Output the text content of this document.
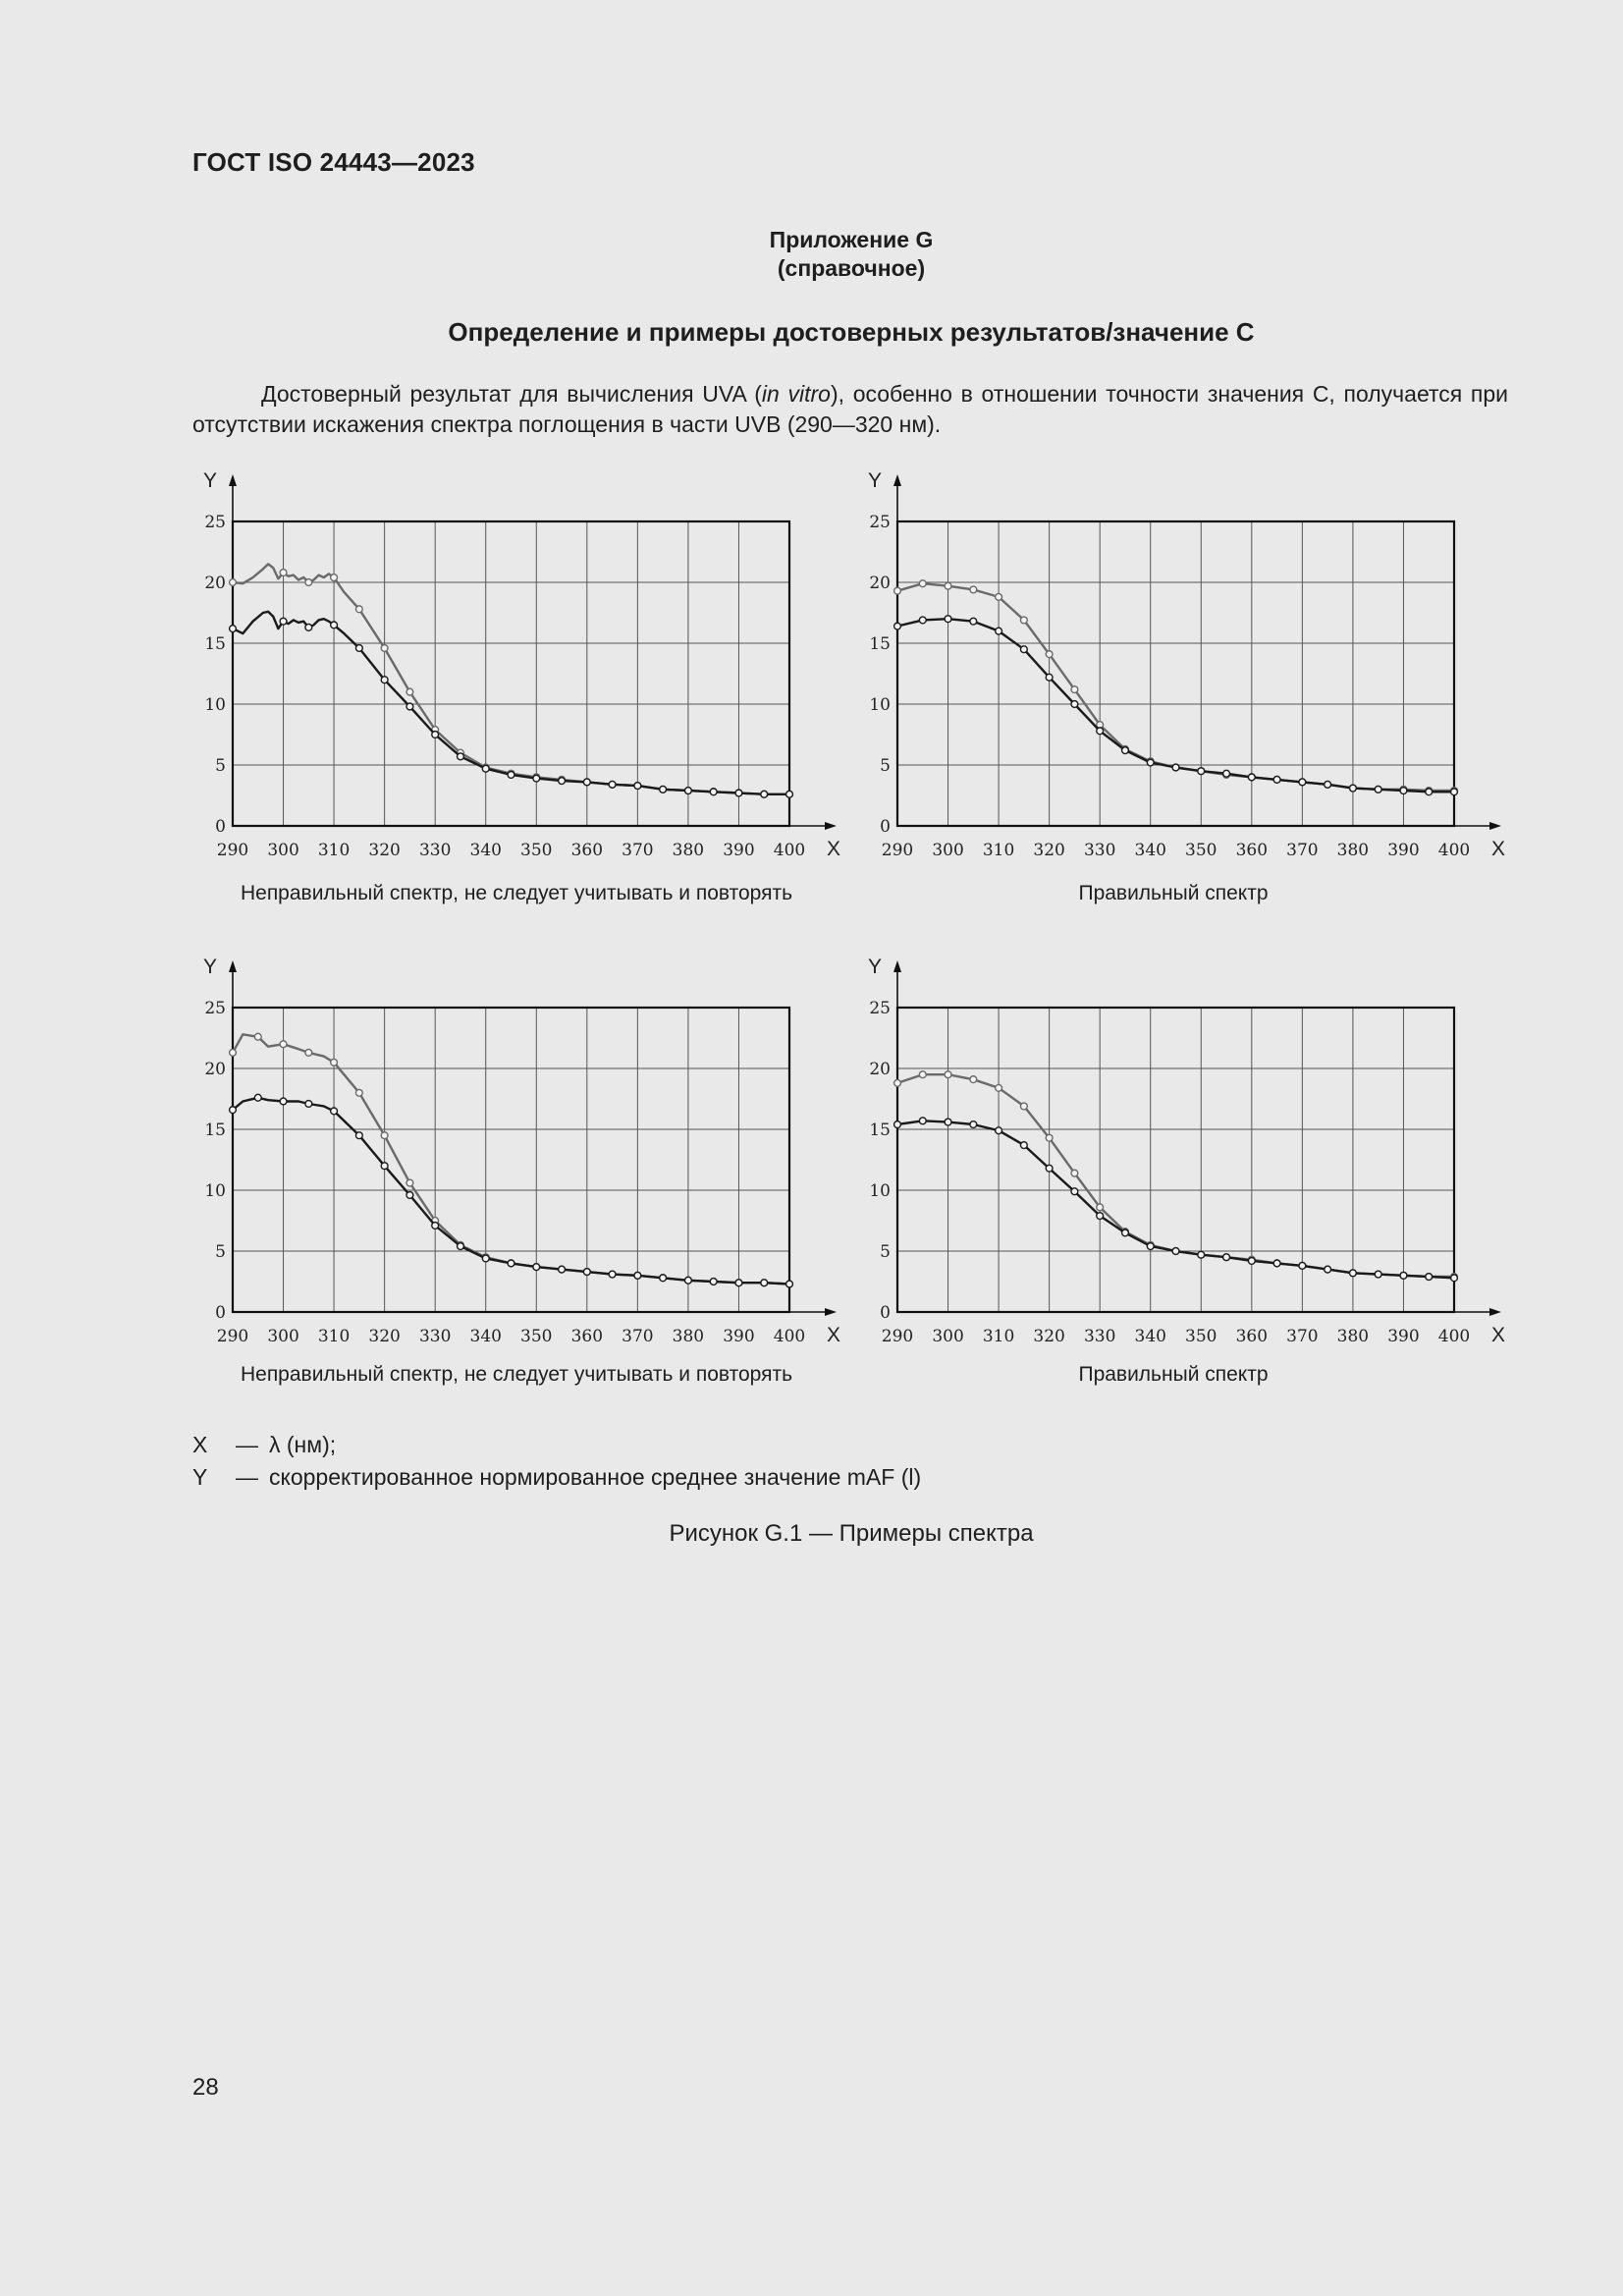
ГОСТ ISO 24443—2023
Приложение G
(справочное)
Определение и примеры достоверных результатов/значение С
Достоверный результат для вычисления UVA (in vitro), особенно в отношении точности значения С, получается при отсутствии искажения спектра поглощения в части UVB (290—320 нм).
290 300 310 320 330 340 350 360 370 380 390 400
0
5
10
15
20
25
X
Y
290 300 310 320 330 340 350 360 370 380 390 400
0
5
10
15
20
25
X
Y
290 300 310 320 330 340 350 360 370 380 390 400
0
5
10
15
20
25
X
Y
290 300 310 320 330 340 350 360 370 380 390 400
0
5
10
15
20
25
X
Y
Неправильный спектр, не следует учитывать и повторять	Правильный спектр
Неправильный спектр, не следует учитывать и повторять	Правильный спектр
X — λ (нм);
Y — скорректированное нормированное среднее значение mAF (l)
Рисунок G.1 — Примеры спектра
28
